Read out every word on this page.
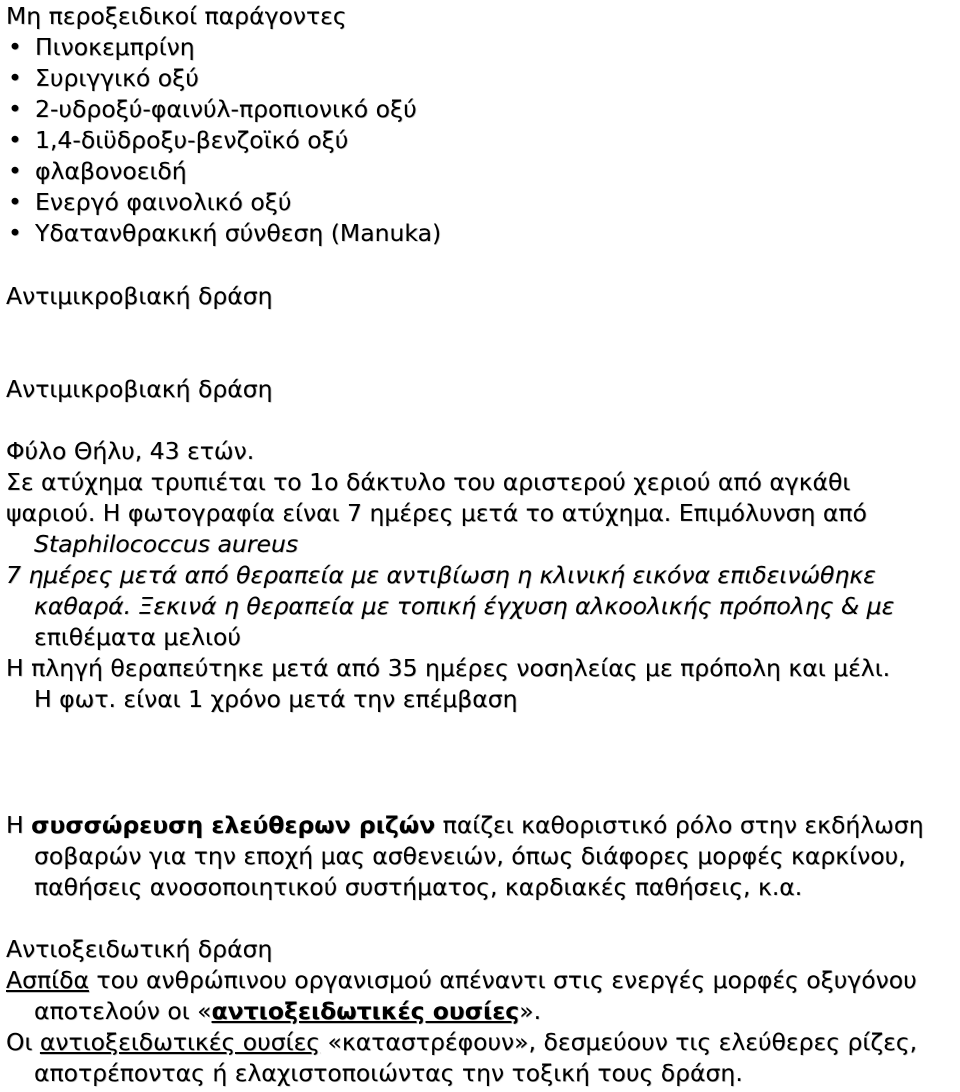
Μη περοξειδικοί παράγοντες
• Πινοκεμπρίνη
• Συριγγικό οξύ
• 2-υδροξύ-φαινύλ-προπιονικό οξύ
• 1,4-διϋδροξυ-βενζοϊκό οξύ
• φλαβονοειδή
• Ενεργό φαινολικό οξύ
• Υδατανθρακική σύνθεση (Manuka)
Αντιμικροβιακή δράση
Αντιμικροβιακή δράση
Φύλο Θήλυ, 43 ετών.
Σε ατύχημα τρυπιέται το 1ο δάκτυλο του αριστερού χεριού από αγκάθι
ψαριού. Η φωτογραφία είναι 7 ημέρες μετά το ατύχημα. Επιμόλυνση από
Staphilococcus aureus
7 ημέρες μετά από θεραπεία με αντιβίωση η κλινική εικόνα επιδεινώθηκε
καθαρά. Ξεκινά η θεραπεία με τοπική έγχυση αλκοολικής πρόπολης & με
επιθέματα μελιού
Η πληγή θεραπεύτηκε μετά από 35 ημέρες νοσηλείας με πρόπολη και μέλι.
Η φωτ. είναι 1 χρόνο μετά την επέμβαση
Η συσσώρευση ελεύθερων ριζών παίζει καθοριστικό ρόλο στην εκδήλωση
σοβαρών για την εποχή μας ασθενειών, όπως διάφορες μορφές καρκίνου,
παθήσεις ανοσοποιητικού συστήματος, καρδιακές παθήσεις, κ.α.
Αντιοξειδωτική δράση
Ασπίδα του ανθρώπινου οργανισμού απέναντι στις ενεργές μορφές οξυγόνου
αποτελούν οι «αντιοξειδωτικές ουσίες».
Οι αντιοξειδωτικές ουσίες «καταστρέφουν», δεσμεύουν τις ελεύθερες ρίζες,
αποτρέποντας ή ελαχιστοποιώντας την τοξική τους δράση.
